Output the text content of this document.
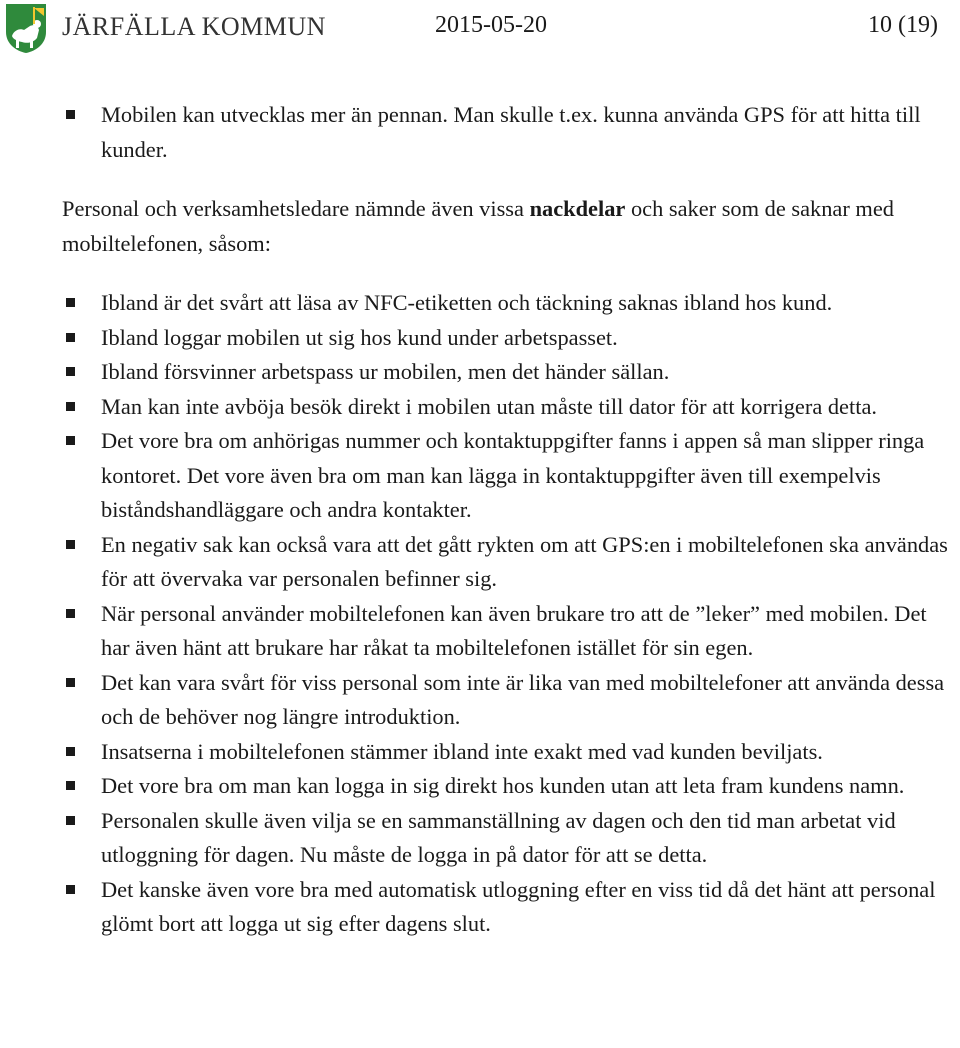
JÄRFÄLLA KOMMUN	2015-05-20	10 (19)
Mobilen kan utvecklas mer än pennan. Man skulle t.ex. kunna använda GPS för att hitta till kunder.

Personal och verksamhetsledare nämnde även vissa nackdelar och saker som de saknar med mobiltelefonen, såsom:

Ibland är det svårt att läsa av NFC-etiketten och täckning saknas ibland hos kund.
Ibland loggar mobilen ut sig hos kund under arbetspasset.
Ibland försvinner arbetspass ur mobilen, men det händer sällan.
Man kan inte avböja besök direkt i mobilen utan måste till dator för att korrigera detta.
Det vore bra om anhörigas nummer och kontaktuppgifter fanns i appen så man slipper ringa kontoret. Det vore även bra om man kan lägga in kontaktuppgifter även till exempelvis biståndshandläggare och andra kontakter.
En negativ sak kan också vara att det gått rykten om att GPS:en i mobiltelefonen ska användas för att övervaka var personalen befinner sig.
När personal använder mobiltelefonen kan även brukare tro att de ”leker” med mobilen. Det har även hänt att brukare har råkat ta mobiltelefonen istället för sin egen.
Det kan vara svårt för viss personal som inte är lika van med mobiltelefoner att använda dessa och de behöver nog längre introduktion.
Insatserna i mobiltelefonen stämmer ibland inte exakt med vad kunden beviljats.
Det vore bra om man kan logga in sig direkt hos kunden utan att leta fram kundens namn.
Personalen skulle även vilja se en sammanställning av dagen och den tid man arbetat vid utloggning för dagen. Nu måste de logga in på dator för att se detta.
Det kanske även vore bra med automatisk utloggning efter en viss tid då det hänt att personal glömt bort att logga ut sig efter dagens slut.
